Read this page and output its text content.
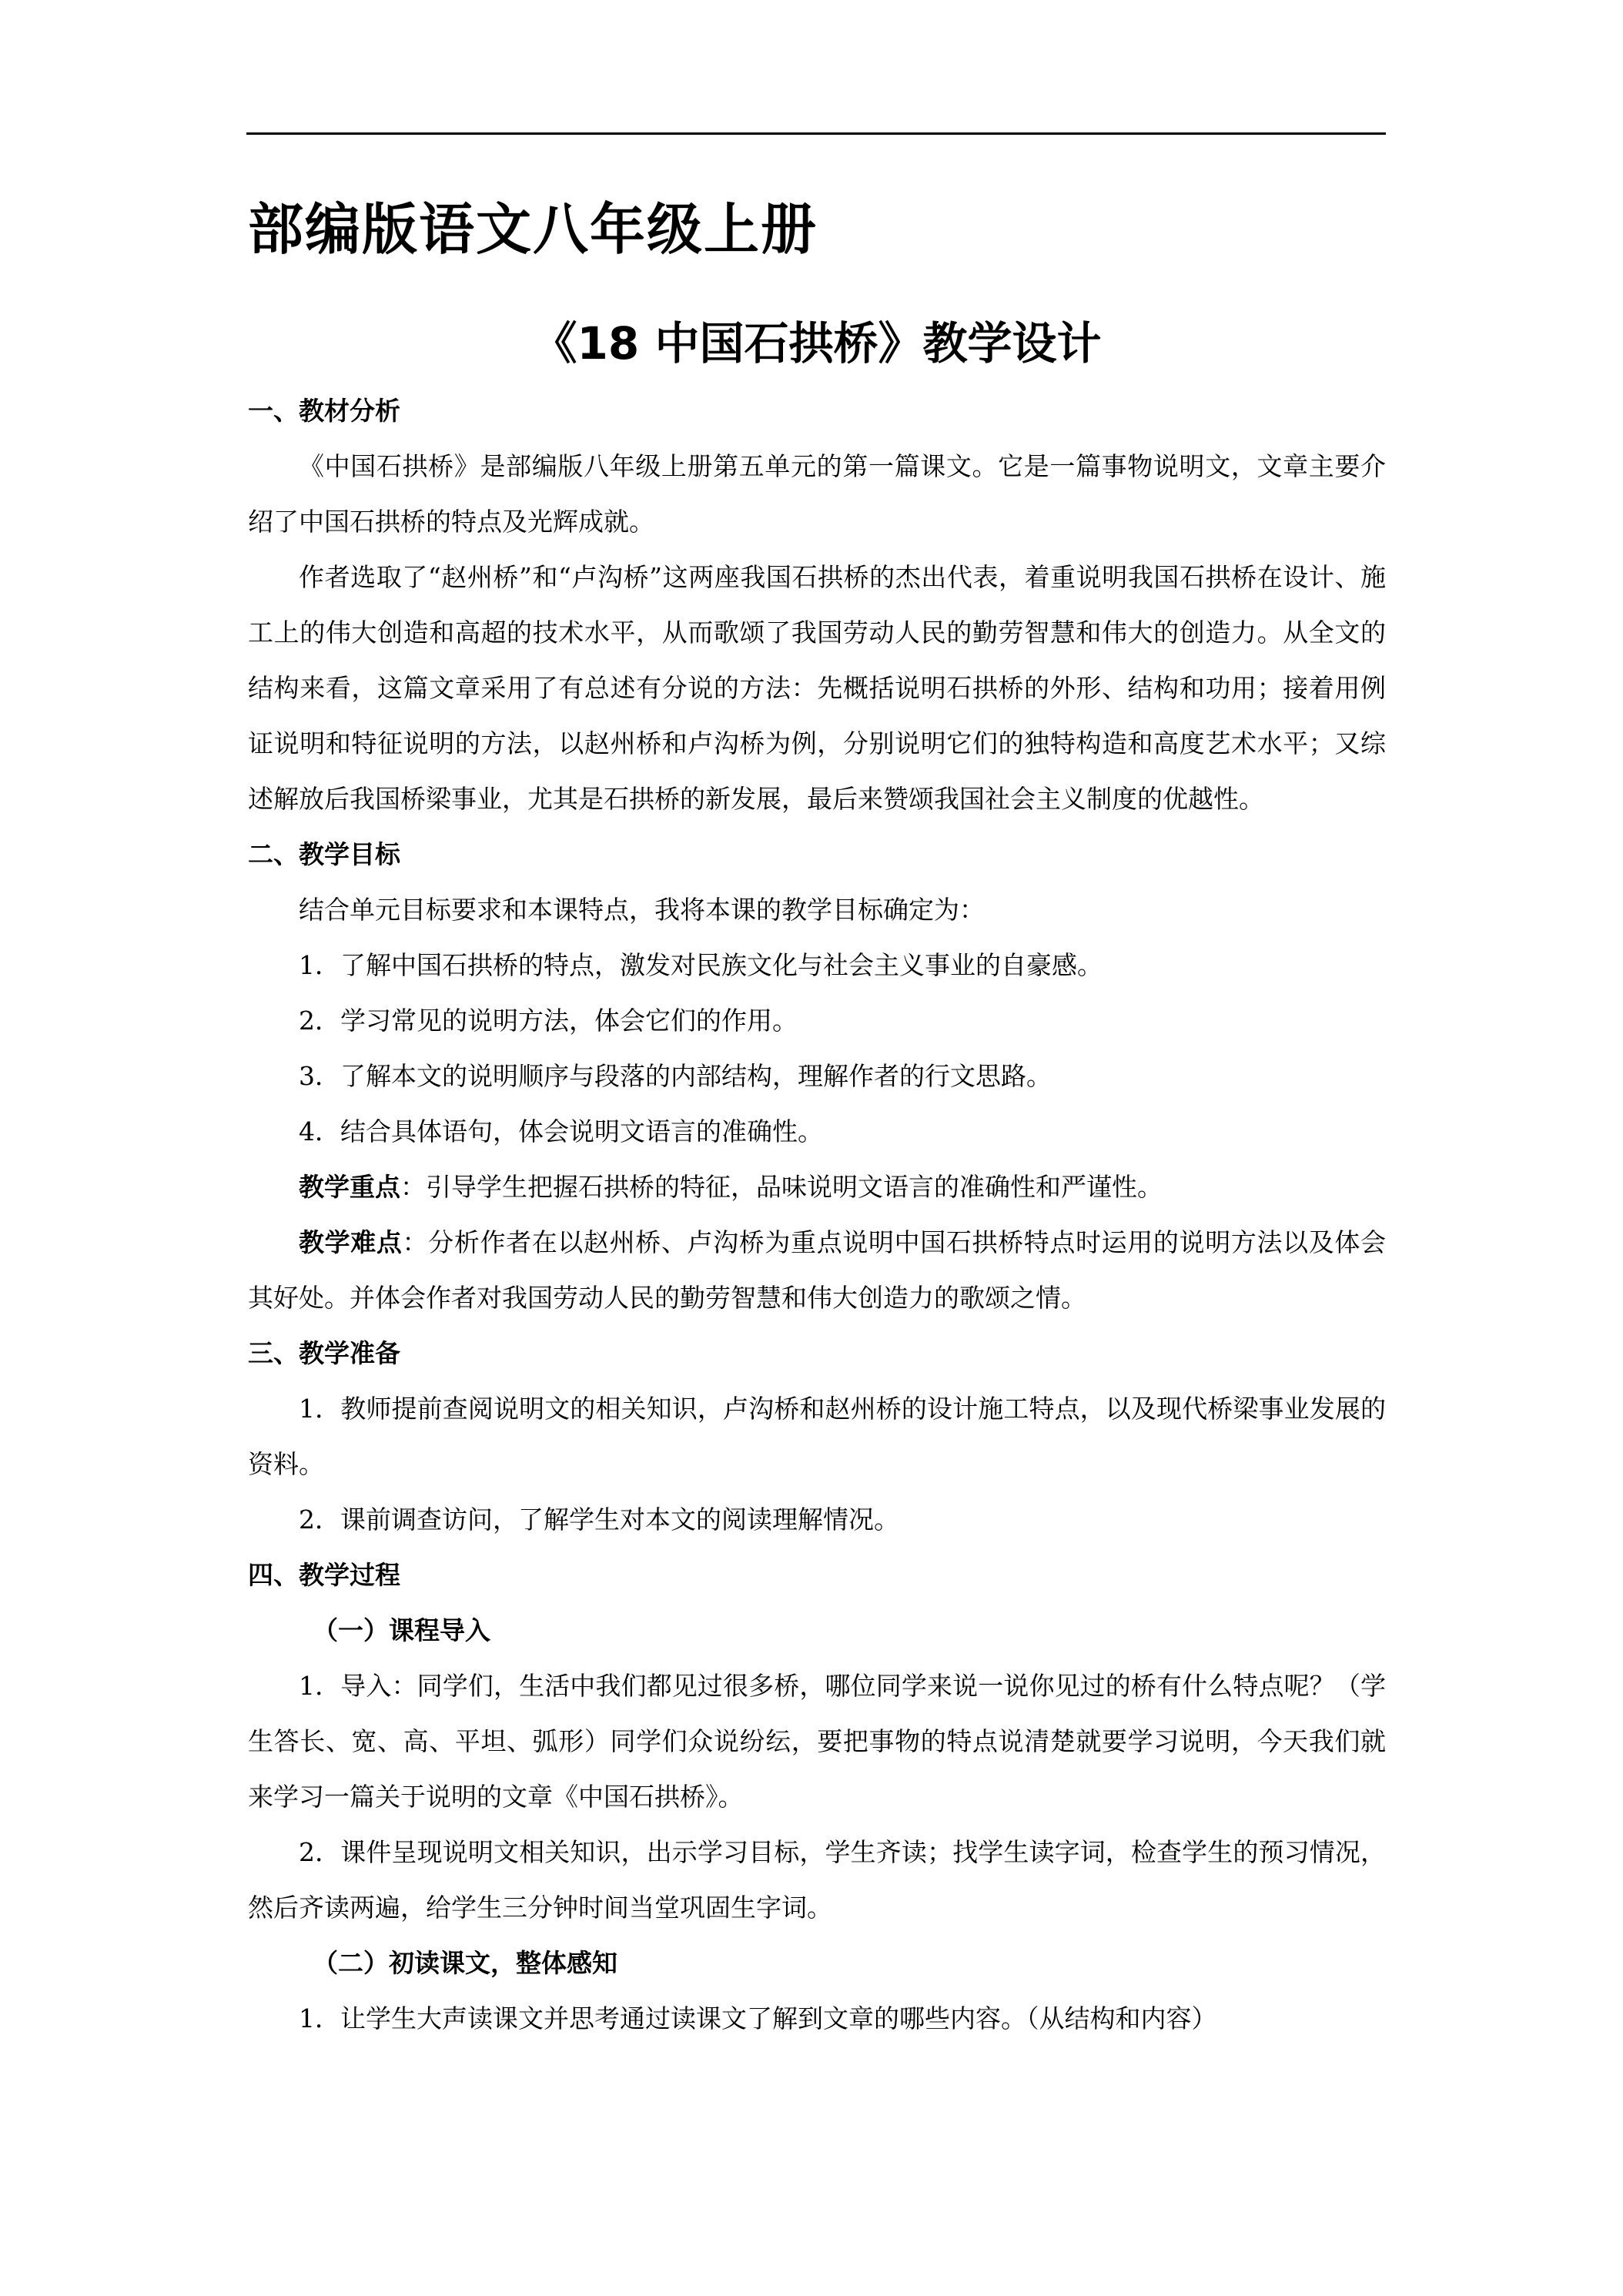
部编版语文八年级上册
《18 中国石拱桥》教学设计
一、教材分析

《中国石拱桥》是部编版八年级上册第五单元的第一篇课文。它是一篇事物说明文，文章主要介绍了中国石拱桥的特点及光辉成就。

作者选取了“赵州桥”和“卢沟桥”这两座我国石拱桥的杰出代表，着重说明我国石拱桥在设计、施工上的伟大创造和高超的技术水平，从而歌颂了我国劳动人民的勤劳智慧和伟大的创造力。从全文的结构来看，这篇文章采用了有总述有分说的方法：先概括说明石拱桥的外形、结构和功用；接着用例证说明和特征说明的方法，以赵州桥和卢沟桥为例，分别说明它们的独特构造和高度艺术水平；又综述解放后我国桥梁事业，尤其是石拱桥的新发展，最后来赞颂我国社会主义制度的优越性。

二、教学目标

结合单元目标要求和本课特点，我将本课的教学目标确定为：

1．了解中国石拱桥的特点，激发对民族文化与社会主义事业的自豪感。

2．学习常见的说明方法，体会它们的作用。

3．了解本文的说明顺序与段落的内部结构，理解作者的行文思路。

4．结合具体语句，体会说明文语言的准确性。

教学重点：引导学生把握石拱桥的特征，品味说明文语言的准确性和严谨性。

教学难点：分析作者在以赵州桥、卢沟桥为重点说明中国石拱桥特点时运用的说明方法以及体会其好处。并体会作者对我国劳动人民的勤劳智慧和伟大创造力的歌颂之情。

三、教学准备

1．教师提前查阅说明文的相关知识，卢沟桥和赵州桥的设计施工特点，以及现代桥梁事业发展的资料。

2．课前调查访问，了解学生对本文的阅读理解情况。

四、教学过程
（一）课程导入

1．导入：同学们，生活中我们都见过很多桥，哪位同学来说一说你见过的桥有什么特点呢？（学生答长、宽、高、平坦、弧形）同学们众说纷纭，要把事物的特点说清楚就要学习说明，今天我们就来学习一篇关于说明的文章《中国石拱桥》。

2．课件呈现说明文相关知识，出示学习目标，学生齐读；找学生读字词，检查学生的预习情况，然后齐读两遍，给学生三分钟时间当堂巩固生字词。

（二）初读课文，整体感知

1．让学生大声读课文并思考通过读课文了解到文章的哪些内容。（从结构和内容）
